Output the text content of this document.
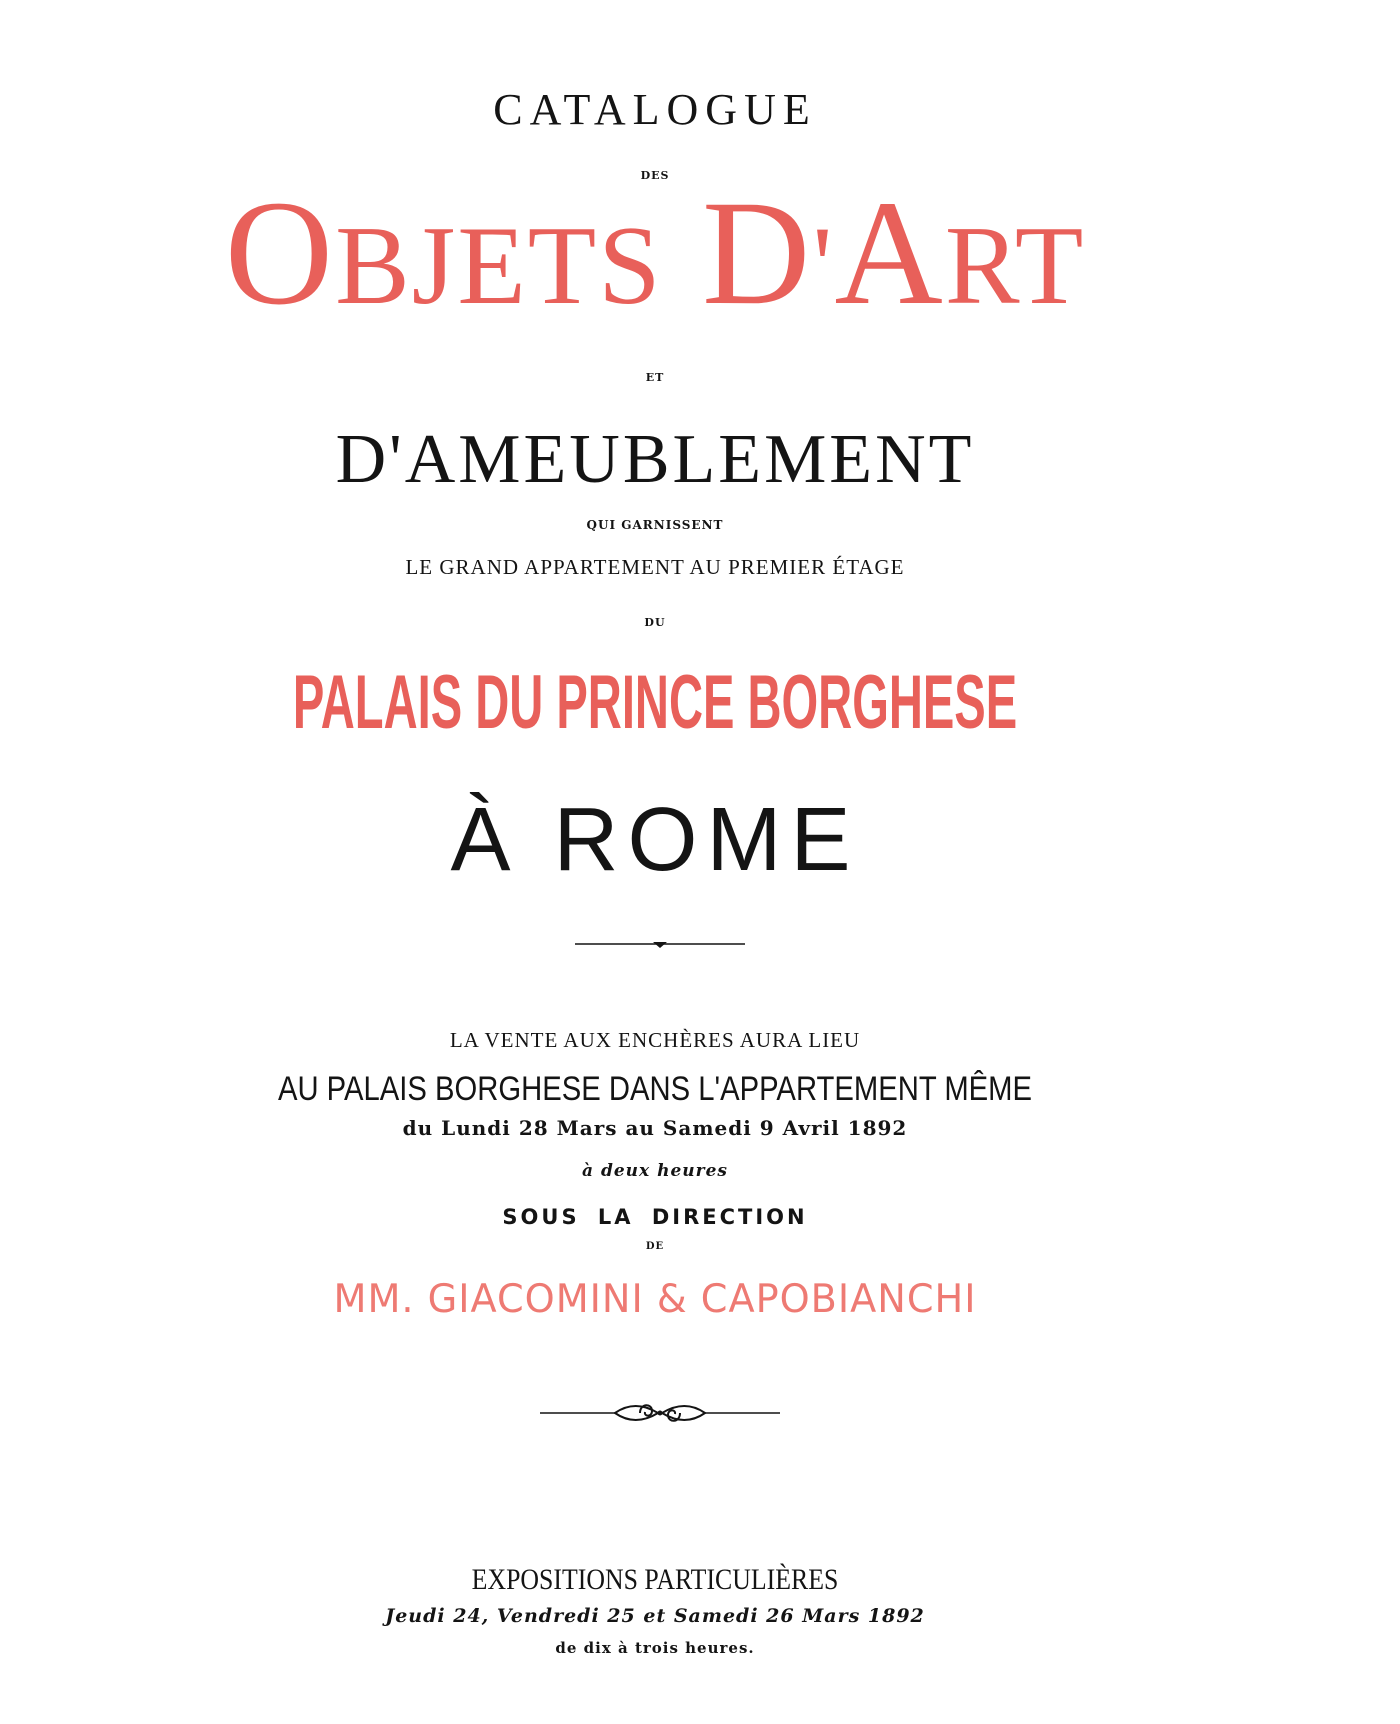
CATALOGUE
DES
OBJETS D'ART
ET
D'AMEUBLEMENT
QUI GARNISSENT
LE GRAND APPARTEMENT AU PREMIER ÉTAGE
DU
PALAIS DU PRINCE BORGHESE
À ROME
LA VENTE AUX ENCHÈRES AURA LIEU
AU PALAIS BORGHESE DANS L'APPARTEMENT MÊME
du Lundi 28 Mars au Samedi 9 Avril 1892
à deux heures
SOUS LA DIRECTION
DE
MM. GIACOMINI & CAPOBIANCHI
EXPOSITIONS PARTICULIÈRES
Jeudi 24, Vendredi 25 et Samedi 26 Mars 1892
de dix à trois heures.
